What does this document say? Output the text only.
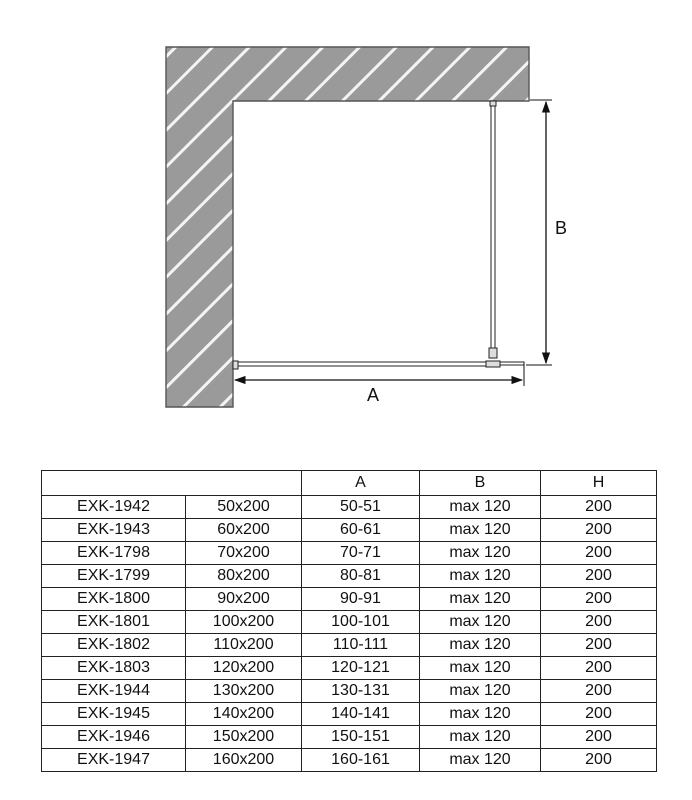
B
A
		A	B	H
EXK-1942	50x200	50-51	max 120	200
EXK-1943	60x200	60-61	max 120	200
EXK-1798	70x200	70-71	max 120	200
EXK-1799	80x200	80-81	max 120	200
EXK-1800	90x200	90-91	max 120	200
EXK-1801	100x200	100-101	max 120	200
EXK-1802	110x200	110-111	max 120	200
EXK-1803	120x200	120-121	max 120	200
EXK-1944	130x200	130-131	max 120	200
EXK-1945	140x200	140-141	max 120	200
EXK-1946	150x200	150-151	max 120	200
EXK-1947	160x200	160-161	max 120	200
